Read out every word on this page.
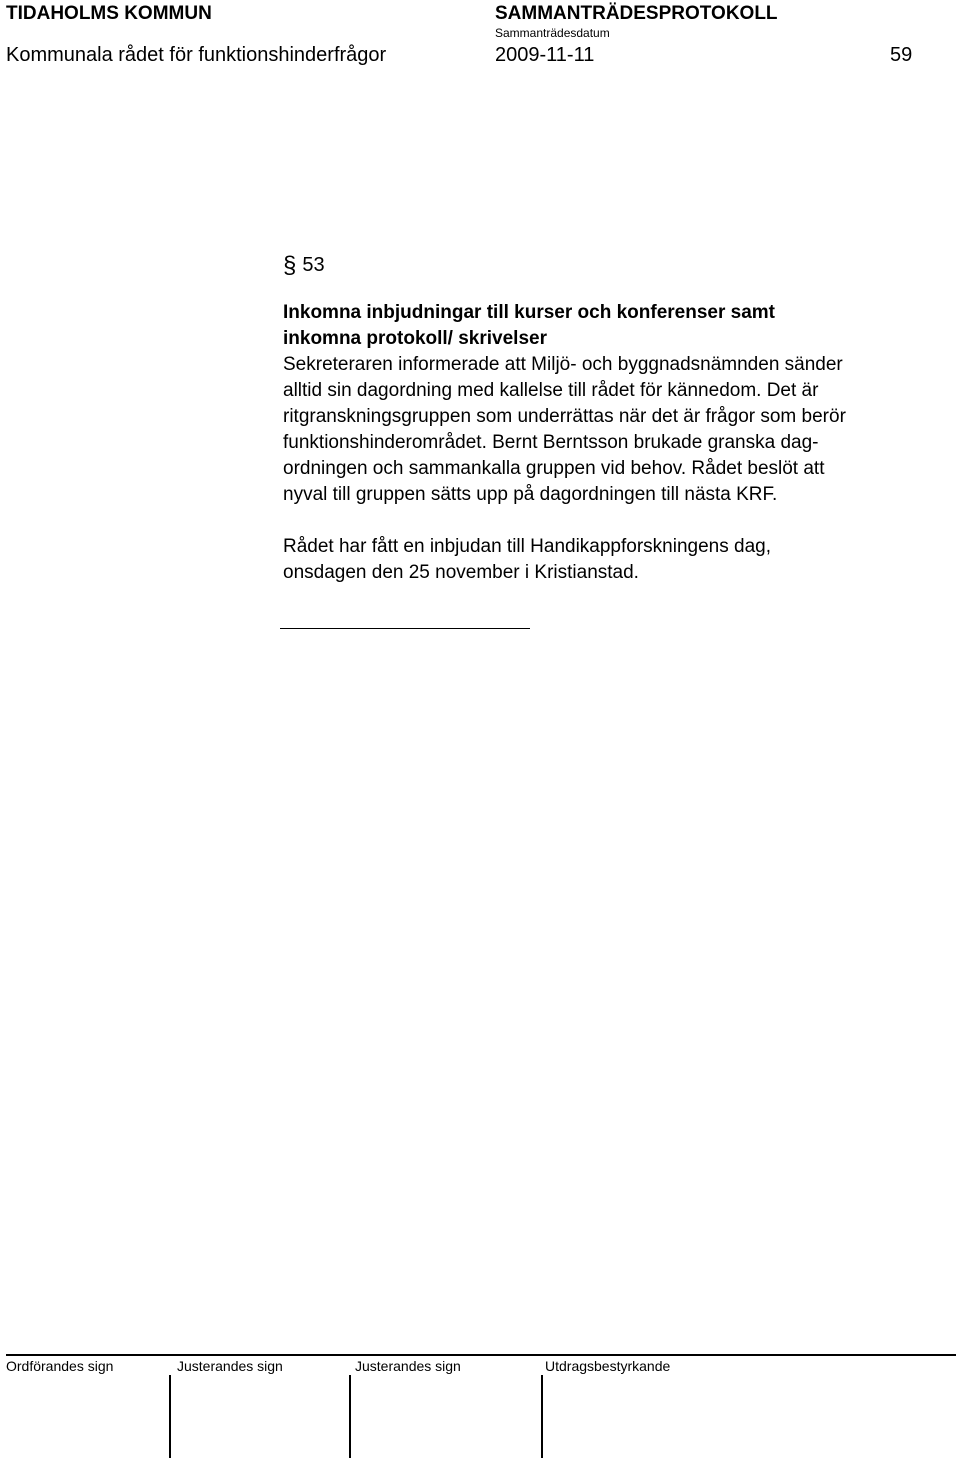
TIDAHOLMS KOMMUN	SAMMANTRÄDESPROTOKOLL
Sammanträdesdatum
Kommunala rådet för funktionshinderfrågor	2009-11-11	59
§ 53
Inkomna inbjudningar till kurser och konferenser samt
inkomna protokoll/ skrivelser

Sekreteraren informerade att Miljö- och byggnadsnämnden sänder
alltid sin dagordning med kallelse till rådet för kännedom. Det är
ritgranskningsgruppen som underrättas när det är frågor som berör
funktionshinderområdet. Bernt Berntsson brukade granska dag-
ordningen och sammankalla gruppen vid behov. Rådet beslöt att
nyval till gruppen sätts upp på dagordningen till nästa KRF.

Rådet har fått en inbjudan till Handikappforskningens dag,
onsdagen den 25 november i Kristianstad.

Ordförandes sign	Justerandes sign	Justerandes sign	Utdragsbestyrkande
